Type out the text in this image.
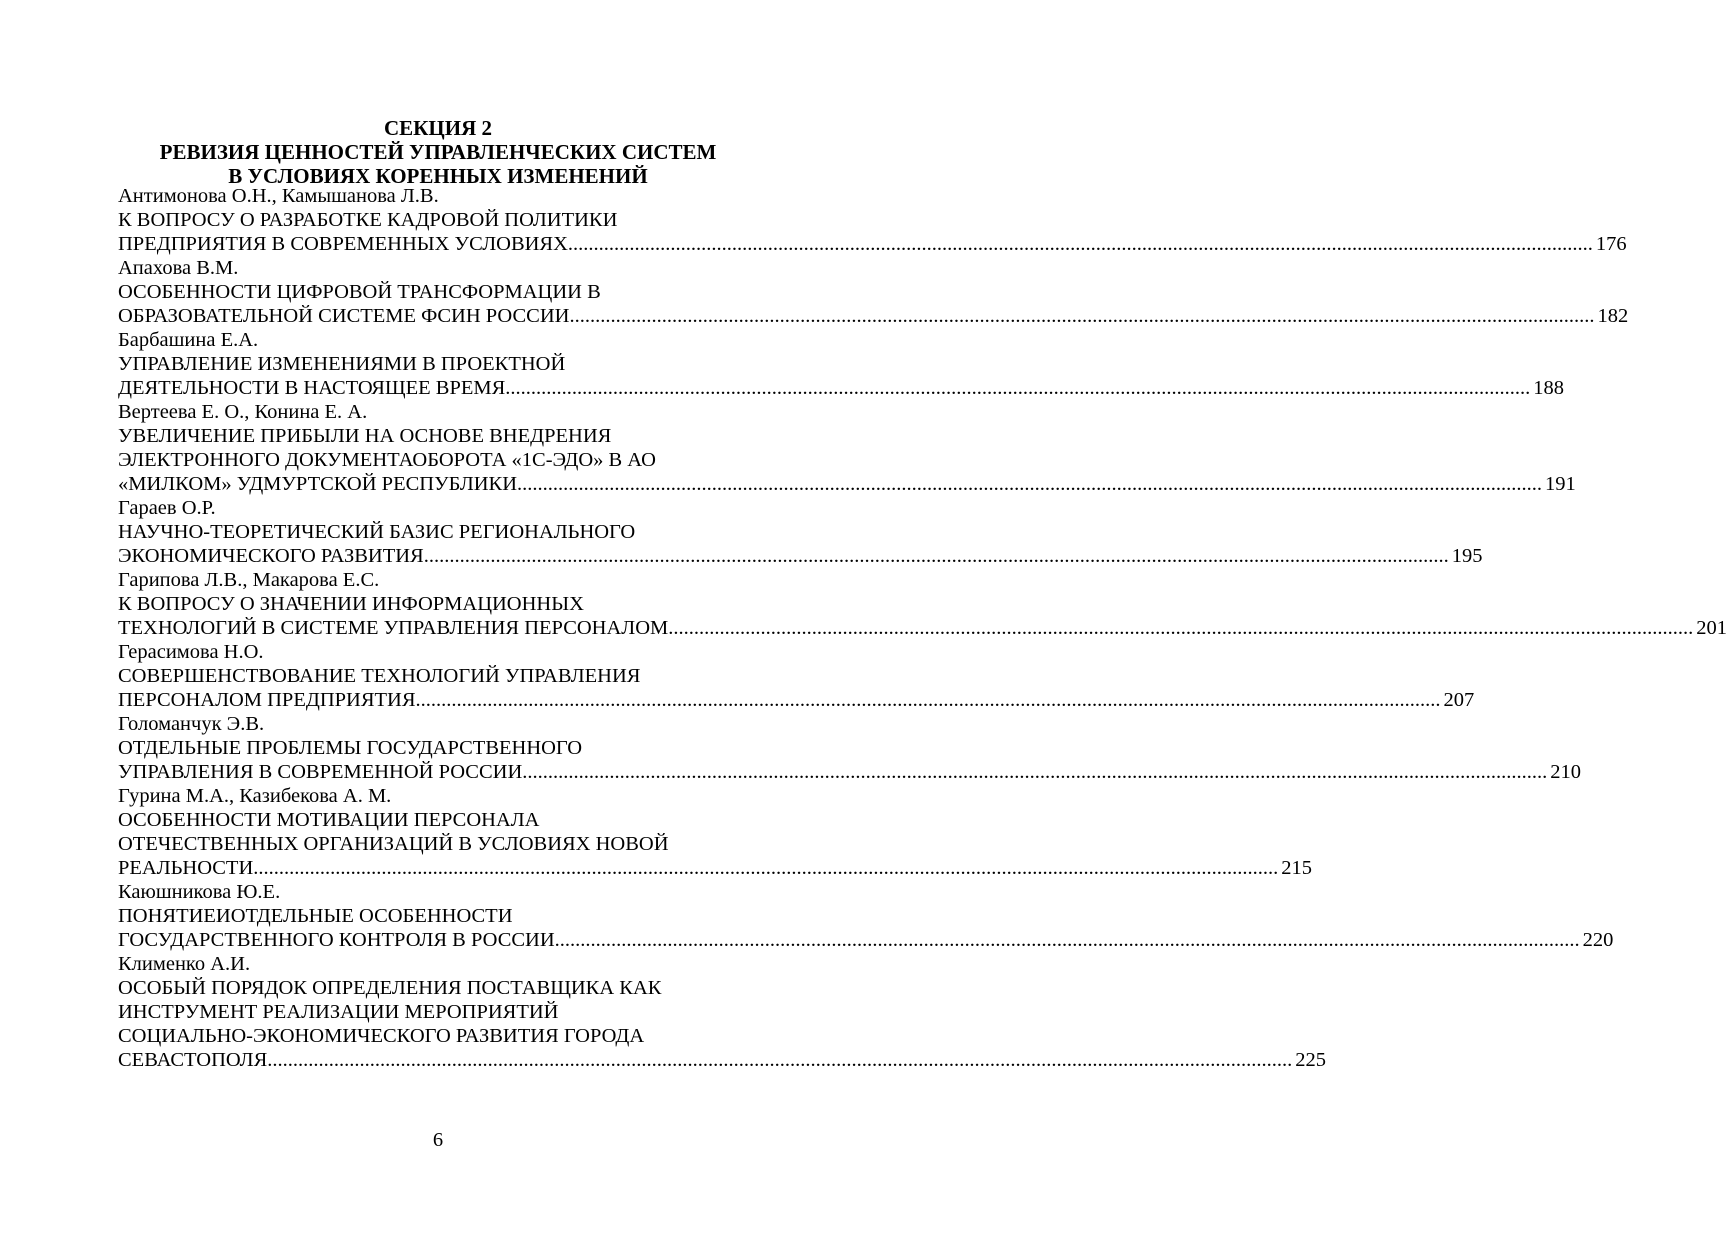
СЕКЦИЯ 2
РЕВИЗИЯ ЦЕННОСТЕЙ УПРАВЛЕНЧЕСКИХ СИСТЕМ
В УСЛОВИЯХ КОРЕННЫХ ИЗМЕНЕНИЙ
Антимонова О.Н., Камышанова Л.В.
К ВОПРОСУ О РАЗРАБОТКЕ КАДРОВОЙ ПОЛИТИКИ
ПРЕДПРИЯТИЯ В СОВРЕМЕННЫХ УСЛОВИЯХ ........................................................................................................................................................................................................ 176
Апахова В.М.
ОСОБЕННОСТИ ЦИФРОВОЙ ТРАНСФОРМАЦИИ В
ОБРАЗОВАТЕЛЬНОЙ СИСТЕМЕ ФСИН РОССИИ ........................................................................................................................................................................................................ 182
Барбашина Е.А.
УПРАВЛЕНИЕ ИЗМЕНЕНИЯМИ В ПРОЕКТНОЙ
ДЕЯТЕЛЬНОСТИ В НАСТОЯЩЕЕ ВРЕМЯ ........................................................................................................................................................................................................ 188
Вертеева Е. О., Конина Е. А.
УВЕЛИЧЕНИЕ ПРИБЫЛИ НА ОСНОВЕ ВНЕДРЕНИЯ
ЭЛЕКТРОННОГО ДОКУМЕНТАОБОРОТА «1С-ЭДО» В АО
«МИЛКОМ» УДМУРТСКОЙ РЕСПУБЛИКИ ........................................................................................................................................................................................................ 191
Гараев О.Р.
НАУЧНО-ТЕОРЕТИЧЕСКИЙ БАЗИС РЕГИОНАЛЬНОГО
ЭКОНОМИЧЕСКОГО РАЗВИТИЯ ........................................................................................................................................................................................................ 195
Гарипова Л.В., Макарова Е.С.
К ВОПРОСУ О ЗНАЧЕНИИ ИНФОРМАЦИОННЫХ
ТЕХНОЛОГИЙ В СИСТЕМЕ УПРАВЛЕНИЯ ПЕРСОНАЛОМ ........................................................................................................................................................................................................ 201
Герасимова Н.О.
СОВЕРШЕНСТВОВАНИЕ ТЕХНОЛОГИЙ УПРАВЛЕНИЯ
ПЕРСОНАЛОМ ПРЕДПРИЯТИЯ ........................................................................................................................................................................................................ 207
Голоманчук Э.В.
ОТДЕЛЬНЫЕ ПРОБЛЕМЫ ГОСУДАРСТВЕННОГО
УПРАВЛЕНИЯ В СОВРЕМЕННОЙ РОССИИ ........................................................................................................................................................................................................ 210
Гурина М.А., Казибекова А. М.
ОСОБЕННОСТИ МОТИВАЦИИ ПЕРСОНАЛА
ОТЕЧЕСТВЕННЫХ ОРГАНИЗАЦИЙ В УСЛОВИЯХ НОВОЙ
РЕАЛЬНОСТИ ........................................................................................................................................................................................................ 215
Каюшникова Ю.Е.
ПОНЯТИЕИОТДЕЛЬНЫЕ ОСОБЕННОСТИ
ГОСУДАРСТВЕННОГО КОНТРОЛЯ В РОССИИ ........................................................................................................................................................................................................ 220
Клименко А.И.
ОСОБЫЙ ПОРЯДОК ОПРЕДЕЛЕНИЯ ПОСТАВЩИКА КАК
ИНСТРУМЕНТ РЕАЛИЗАЦИИ МЕРОПРИЯТИЙ
СОЦИАЛЬНО-ЭКОНОМИЧЕСКОГО РАЗВИТИЯ ГОРОДА
СЕВАСТОПОЛЯ ........................................................................................................................................................................................................ 225
6
